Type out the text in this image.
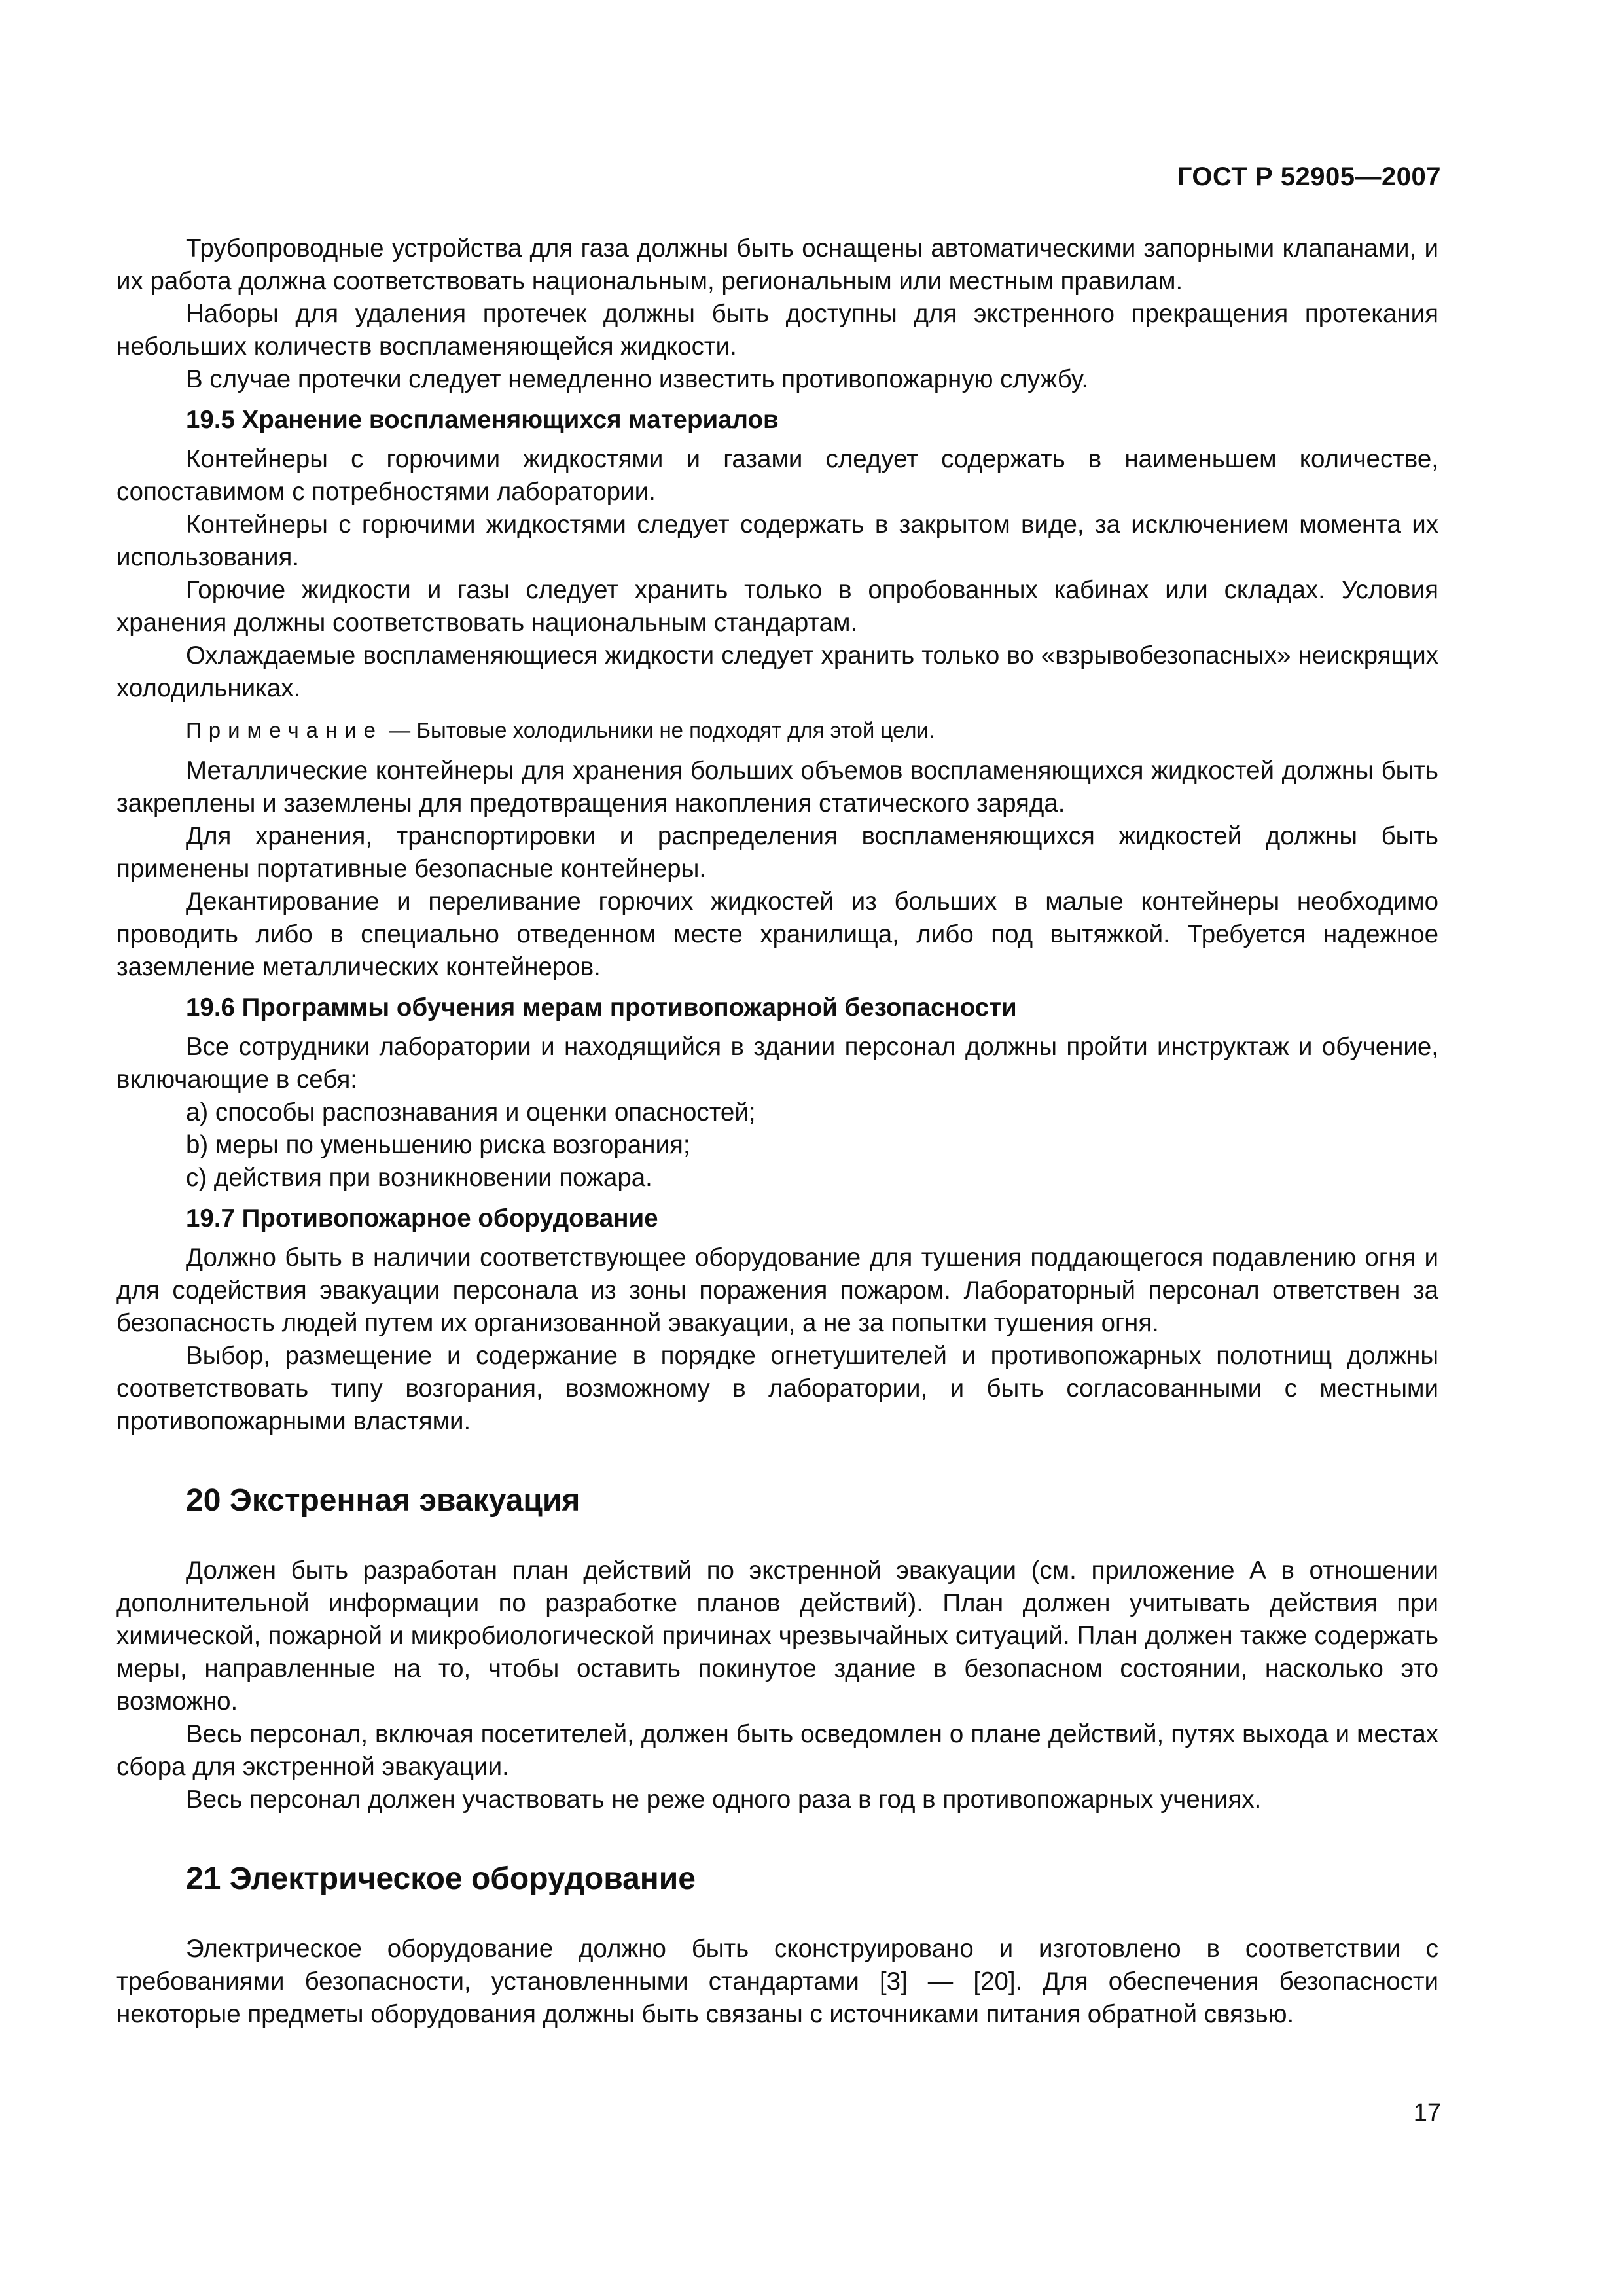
ГОСТ Р 52905—2007

Трубопроводные устройства для газа должны быть оснащены автоматическими запорными клапанами, и их работа должна соответствовать национальным, региональным или местным правилам.

Наборы для удаления протечек должны быть доступны для экстренного прекращения протекания небольших количеств воспламеняющейся жидкости.

В случае протечки следует немедленно известить противопожарную службу.

19.5 Хранение воспламеняющихся материалов

Контейнеры с горючими жидкостями и газами следует содержать в наименьшем количестве, сопоставимом с потребностями лаборатории.

Контейнеры с горючими жидкостями следует содержать в закрытом виде, за исключением момента их использования.

Горючие жидкости и газы следует хранить только в опробованных кабинах или складах. Условия хранения должны соответствовать национальным стандартам.

Охлаждаемые воспламеняющиеся жидкости следует хранить только во «взрывобезопасных» неискрящих холодильниках.

Примечание — Бытовые холодильники не подходят для этой цели.

Металлические контейнеры для хранения больших объемов воспламеняющихся жидкостей должны быть закреплены и заземлены для предотвращения накопления статического заряда.

Для хранения, транспортировки и распределения воспламеняющихся жидкостей должны быть применены портативные безопасные контейнеры.

Декантирование и переливание горючих жидкостей из больших в малые контейнеры необходимо проводить либо в специально отведенном месте хранилища, либо под вытяжкой. Требуется надежное заземление металлических контейнеров.

19.6 Программы обучения мерам противопожарной безопасности

Все сотрудники лаборатории и находящийся в здании персонал должны пройти инструктаж и обучение, включающие в себя:

a) способы распознавания и оценки опасностей;
b) меры по уменьшению риска возгорания;
c) действия при возникновении пожара.
19.7 Противопожарное оборудование

Должно быть в наличии соответствующее оборудование для тушения поддающегося подавлению огня и для содействия эвакуации персонала из зоны поражения пожаром. Лабораторный персонал ответствен за безопасность людей путем их организованной эвакуации, а не за попытки тушения огня.

Выбор, размещение и содержание в порядке огнетушителей и противопожарных полотнищ должны соответствовать типу возгорания, возможному в лаборатории, и быть согласованными с местными противопожарными властями.

20 Экстренная эвакуация

Должен быть разработан план действий по экстренной эвакуации (см. приложение А в отношении дополнительной информации по разработке планов действий). План должен учитывать действия при химической, пожарной и микробиологической причинах чрезвычайных ситуаций. План должен также содержать меры, направленные на то, чтобы оставить покинутое здание в безопасном состоянии, насколько это возможно.

Весь персонал, включая посетителей, должен быть осведомлен о плане действий, путях выхода и местах сбора для экстренной эвакуации.

Весь персонал должен участвовать не реже одного раза в год в противопожарных учениях.

21 Электрическое оборудование

Электрическое оборудование должно быть сконструировано и изготовлено в соответствии с требованиями безопасности, установленными стандартами [3] — [20]. Для обеспечения безопасности некоторые предметы оборудования должны быть связаны с источниками питания обратной связью.

17
